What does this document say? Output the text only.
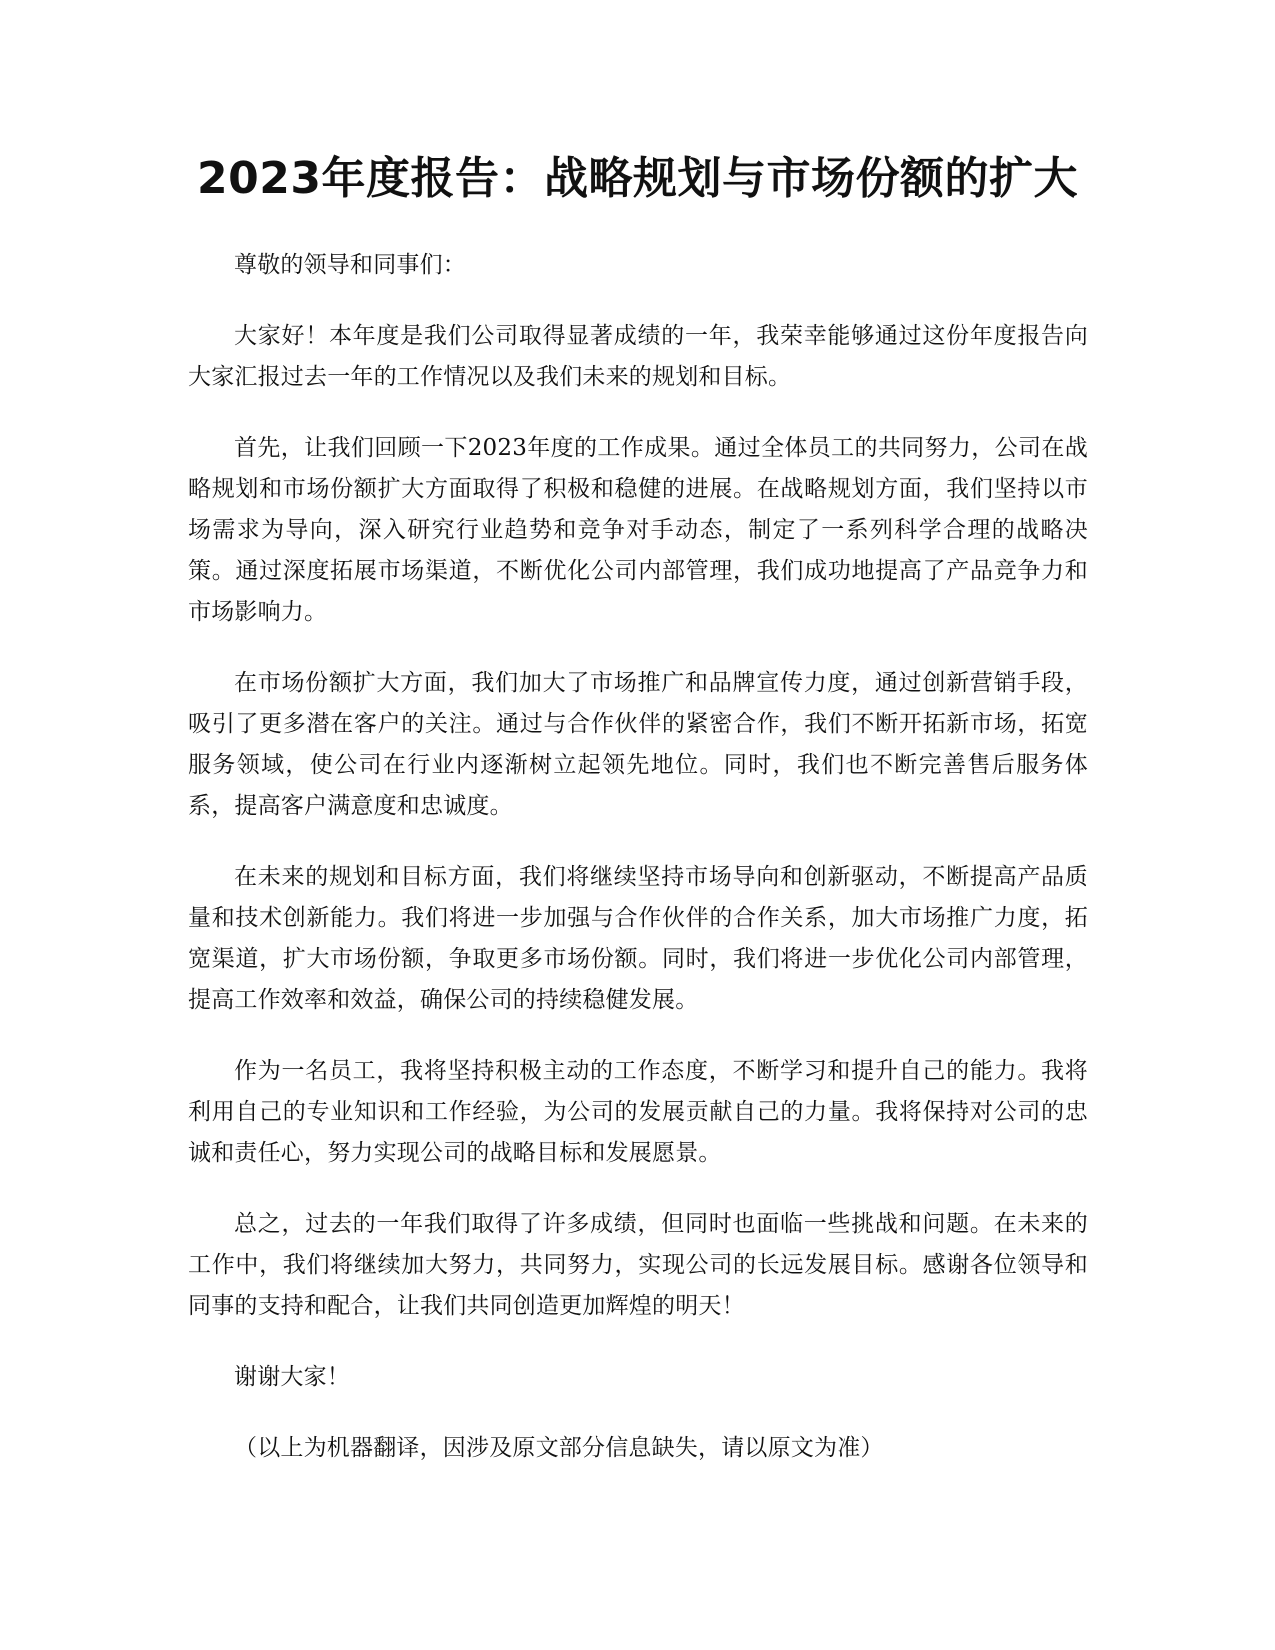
2023年度报告：战略规划与市场份额的扩大

尊敬的领导和同事们：

大家好！本年度是我们公司取得显著成绩的一年，我荣幸能够通过这份年度报告向大家汇报过去一年的工作情况以及我们未来的规划和目标。

首先，让我们回顾一下2023年度的工作成果。通过全体员工的共同努力，公司在战略规划和市场份额扩大方面取得了积极和稳健的进展。在战略规划方面，我们坚持以市场需求为导向，深入研究行业趋势和竞争对手动态，制定了一系列科学合理的战略决策。通过深度拓展市场渠道，不断优化公司内部管理，我们成功地提高了产品竞争力和市场影响力。

在市场份额扩大方面，我们加大了市场推广和品牌宣传力度，通过创新营销手段，吸引了更多潜在客户的关注。通过与合作伙伴的紧密合作，我们不断开拓新市场，拓宽服务领域，使公司在行业内逐渐树立起领先地位。同时，我们也不断完善售后服务体系，提高客户满意度和忠诚度。

在未来的规划和目标方面，我们将继续坚持市场导向和创新驱动，不断提高产品质量和技术创新能力。我们将进一步加强与合作伙伴的合作关系，加大市场推广力度，拓宽渠道，扩大市场份额，争取更多市场份额。同时，我们将进一步优化公司内部管理，提高工作效率和效益，确保公司的持续稳健发展。

作为一名员工，我将坚持积极主动的工作态度，不断学习和提升自己的能力。我将利用自己的专业知识和工作经验，为公司的发展贡献自己的力量。我将保持对公司的忠诚和责任心，努力实现公司的战略目标和发展愿景。

总之，过去的一年我们取得了许多成绩，但同时也面临一些挑战和问题。在未来的工作中，我们将继续加大努力，共同努力，实现公司的长远发展目标。感谢各位领导和同事的支持和配合，让我们共同创造更加辉煌的明天！

谢谢大家！

（以上为机器翻译，因涉及原文部分信息缺失，请以原文为准）
